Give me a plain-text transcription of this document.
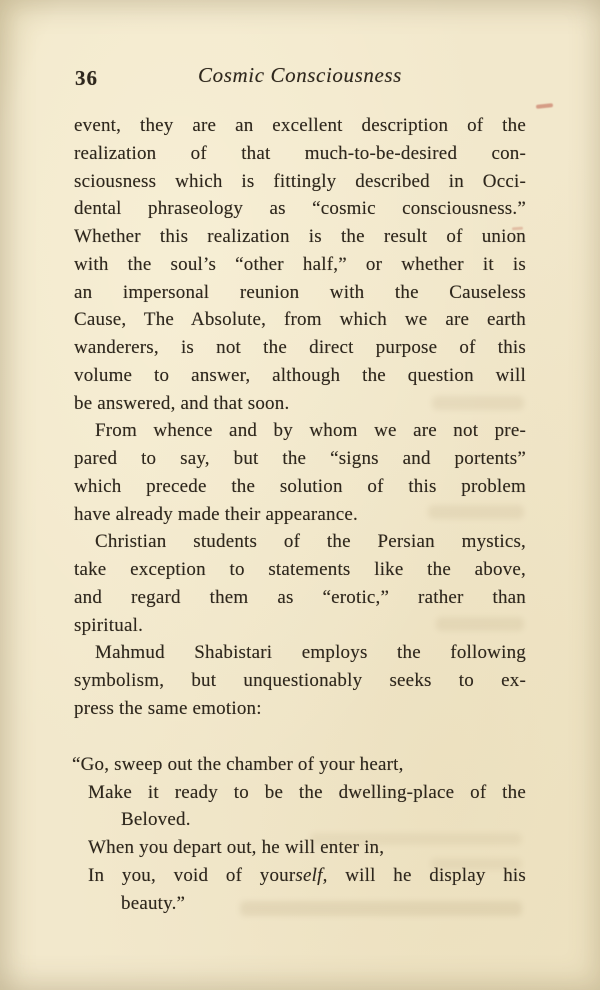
36	Cosmic Consciousness
event, they are an excellent description of the
realization of that much-to-be-desired con-
sciousness which is fittingly described in Occi-
dental phraseology as “cosmic consciousness.”
Whether this realization is the result of union
with the soul’s “other half,” or whether it is
an impersonal reunion with the Causeless
Cause, The Absolute, from which we are earth
wanderers, is not the direct purpose of this
volume to answer, although the question will
be answered, and that soon.
From whence and by whom we are not pre-
pared to say, but the “signs and portents”
which precede the solution of this problem
have already made their appearance.
Christian students of the Persian mystics,
take exception to statements like the above,
and regard them as “erotic,” rather than
spiritual.
Mahmud Shabistari employs the following
symbolism, but unquestionably seeks to ex-
press the same emotion:
“Go, sweep out the chamber of your heart,
Make it ready to be the dwelling-place of the
Beloved.
When you depart out, he will enter in,
In you, void of yourself, will he display his
beauty.”
